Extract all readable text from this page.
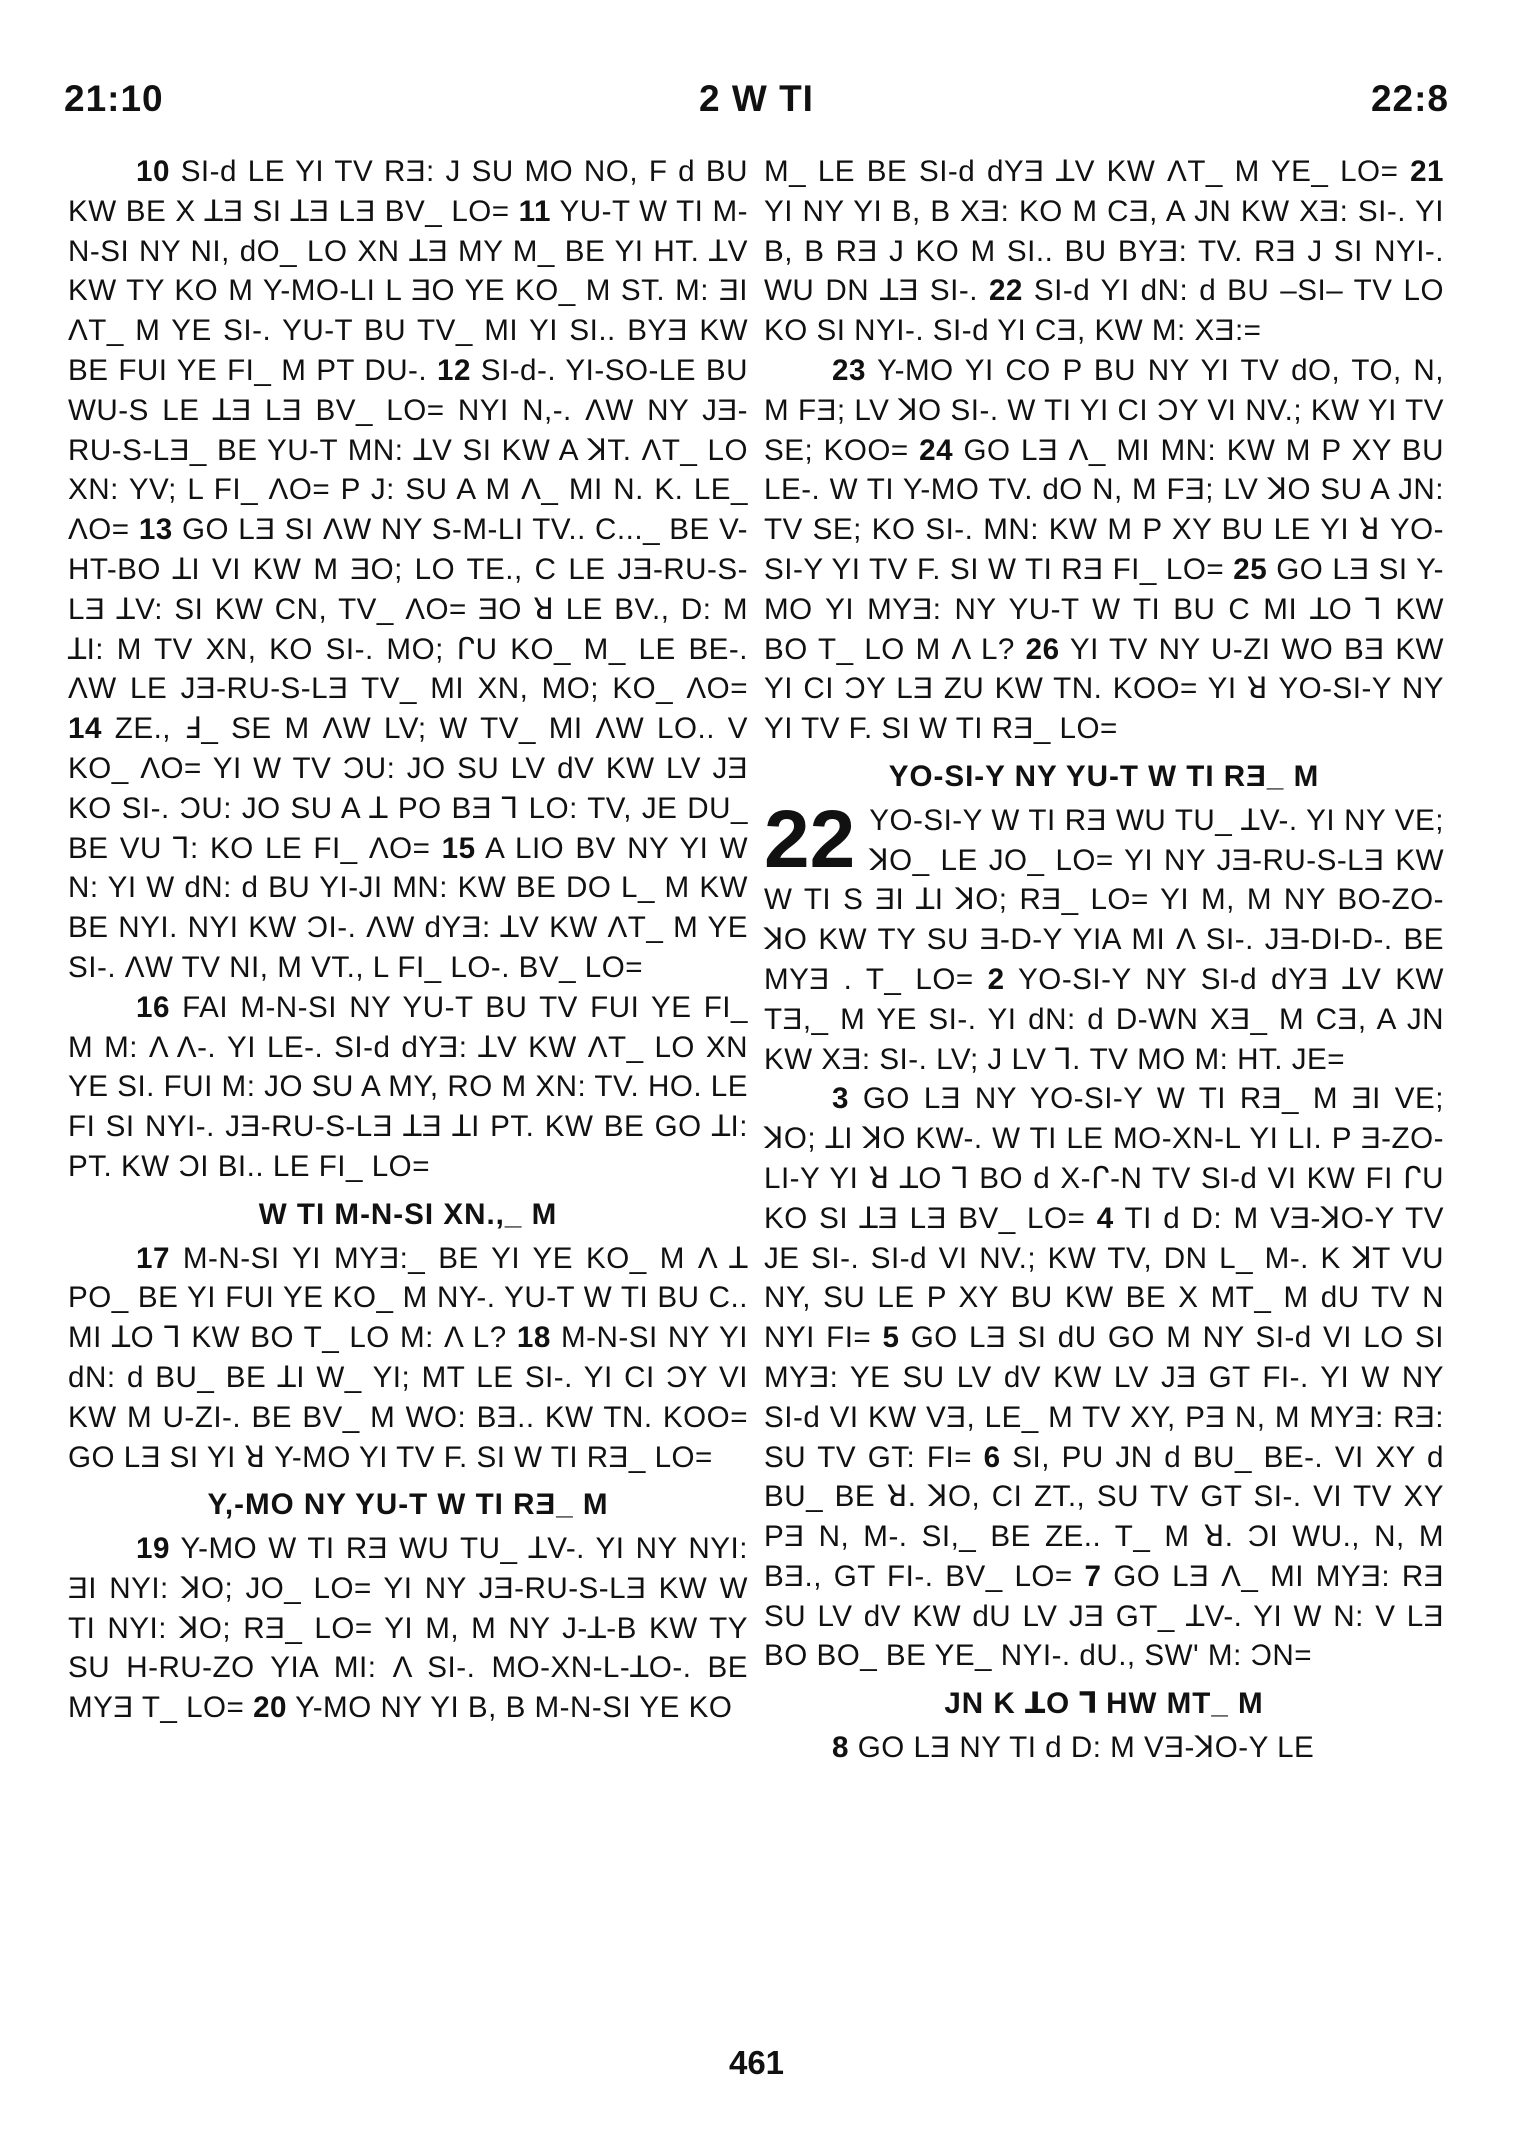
21:10	2 W TI	22:8

10 SI-d LE YI TV RƎ: J SU MO NO, F d BU KW BE X ꓕƎ SI ꓕƎ LƎ BV_ LO= 11 YU-T W TI M-N-SI NY NI, dO_ LO XN ꓕƎ MY M_ BE YI HT. ꓕV KW TY KO M Y-MO-LI L ƎO YE KO_ M ST. M: ƎI ΛT_ M YE SI-. YU-T BU TV_ MI YI SI.. BYƎ KW BE FUI YE FI_ M PT DU-. 12 SI-d-. YI-SO-LE BU WU-S LE ꓕƎ LƎ BV_ LO= NYI N,-. ΛW NY JƎ-RU-S-LƎ_ BE YU-T MN: ꓕV SI KW A ꓘT. ΛT_ LO XN: YV; L FI_ ΛO= P J: SU A M Λ_ MI N. K. LE_ ΛO= 13 GO LƎ SI ΛW NY S-M-LI TV.. C..._ BE V-HT-BO ꓕI VI KW M ƎO; LO TE., C LE JƎ-RU-S-LƎ ꓕV: SI KW CN, TV_ ΛO= ƎO ꓤ LE BV., D: M ꓕI: M TV XN, KO SI-. MO; ᒋU KO_ M_ LE BE-. ΛW LE JƎ-RU-S-LƎ TV_ MI XN, MO; KO_ ΛO= 14 ZE., Ⅎ_ SE M ΛW LV; W TV_ MI ΛW LO.. V KO_ ΛO= YI W TV ƆU: JO SU LV dV KW LV JƎ KO SI-. ƆU: JO SU A ꓕ PO BƎ ꓶ LO: TV, JE DU_ BE VU ꓶ: KO LE FI_ ΛO= 15 A LIO BV NY YI W N: YI W dN: d BU YI-JI MN: KW BE DO L_ M KW BE NYI. NYI KW ƆI-. ΛW dYƎ: ꓕV KW ΛT_ M YE SI-. ΛW TV NI, M VT., L FI_ LO-. BV_ LO=

16 FAI M-N-SI NY YU-T BU TV FUI YE FI_ M M: Λ Λ-. YI LE-. SI-d dYƎ: ꓕV KW ΛT_ LO XN YE SI. FUI M: JO SU A MY, RO M XN: TV. HO. LE FI SI NYI-. JƎ-RU-S-LƎ ꓕƎ ꓕI PT. KW BE GO ꓕI: PT. KW ƆI BI.. LE FI_ LO=

W TI M-N-SI XN.,_ M

17 M-N-SI YI MYƎ:_ BE YI YE KO_ M Λ ꓕ PO_ BE YI FUI YE KO_ M NY-. YU-T W TI BU C.. MI ꓕO ꓶ KW BO T_ LO M: Λ L? 18 M-N-SI NY YI dN: d BU_ BE ꓕI W_ YI; MT LE SI-. YI CI ƆY VI KW M U-ZI-. BE BV_ M WO: BƎ.. KW TN. KOO= GO LƎ SI YI ꓤ Y-MO YI TV F. SI W TI RƎ_ LO=

Y,-MO NY YU-T W TI RƎ_ M

19 Y-MO W TI RƎ WU TU_ ꓕV-. YI NY NYI: ƎI NYI: ꓘO; JO_ LO= YI NY JƎ-RU-S-LƎ KW W TI NYI: ꓘO; RƎ_ LO= YI M, M NY J-ꓕ-B KW TY SU H-RU-ZO YIA MI: Λ SI-. MO-XN-L-ꓕO-. BE MYƎ T_ LO= 20 Y-MO NY YI B, B M-N-SI YE KO

M_ LE BE SI-d dYƎ ꓕV KW ΛT_ M YE_ LO= 21 YI NY YI B, B XƎ: KO M CƎ, A JN KW XƎ: SI-. YI B, B RƎ J KO M SI.. BU BYƎ: TV. RƎ J SI NYI-. WU DN ꓕƎ SI-. 22 SI-d YI dN: d BU –SI– TV LO KO SI NYI-. SI-d YI CƎ, KW M: XƎ:=

23 Y-MO YI CO P BU NY YI TV dO, TO, N, M FƎ; LV ꓘO SI-. W TI YI CI ƆY VI NV.; KW YI TV SE; KOO= 24 GO LƎ Λ_ MI MN: KW M P XY BU LE-. W TI Y-MO TV. dO N, M FƎ; LV ꓘO SU A JN: TV SE; KO SI-. MN: KW M P XY BU LE YI ꓤ YO-SI-Y YI TV F. SI W TI RƎ FI_ LO= 25 GO LƎ SI Y-MO YI MYƎ: NY YU-T W TI BU C MI ꓕO ꓶ KW BO T_ LO M Λ L? 26 YI TV NY U-ZI WO BƎ KW YI CI ƆY LƎ ZU KW TN. KOO= YI ꓤ YO-SI-Y NY YI TV F. SI W TI RƎ_ LO=

YO-SI-Y NY YU-T W TI RƎ_ M

22 YO-SI-Y W TI RƎ WU TU_ ꓕV-. YI NY VE; ꓘO_ LE JO_ LO= YI NY JƎ-RU-S-LƎ KW W TI S ƎI ꓕI ꓘO; RƎ_ LO= YI M, M NY BO-ZO-ꓘO KW TY SU Ǝ-D-Y YIA MI Λ SI-. JƎ-DI-D-. BE MYƎ . T_ LO= 2 YO-SI-Y NY SI-d dYƎ ꓕV KW TƎ,_ M YE SI-. YI dN: d D-WN XƎ_ M CƎ, A JN KW XƎ: SI-. LV; J LV ꓶ. TV MO M: HT. JE=

3 GO LƎ NY YO-SI-Y W TI RƎ_ M ƎI VE; ꓘO; ꓕI ꓘO KW-. W TI LE MO-XN-L YI LI. P Ǝ-ZO-LI-Y YI ꓤ ꓕO ꓶ BO d X-ᒋ-N TV SI-d VI KW FI ᒋU KO SI ꓕƎ LƎ BV_ LO= 4 TI d D: M VƎ-ꓘO-Y TV JE SI-. SI-d VI NV.; KW TV, DN L_ M-. K ꓘT VU NY, SU LE P XY BU KW BE X MT_ M dU TV N NYI FI= 5 GO LƎ SI dU GO M NY SI-d VI LO SI MYƎ: YE SU LV dV KW LV JƎ GT FI-. YI W NY SI-d VI KW VƎ, LE_ M TV XY, PƎ N, M MYƎ: RƎ: SU TV GT: FI= 6 SI, PU JN d BU_ BE-. VI XY d BU_ BE ꓤ. ꓘO, CI ZT., SU TV GT SI-. VI TV XY PƎ N, M-. SI,_ BE ZE.. T_ M ꓤ. ƆI WU., N, M BƎ., GT FI-. BV_ LO= 7 GO LƎ Λ_ MI MYƎ: RƎ SU LV dV KW dU LV JƎ GT_ ꓕV-. YI W N: V LƎ BO BO_ BE YE_ NYI-. dU., SW' M: ƆN=

JN K ꓕO ꓶ HW MT_ M

8 GO LƎ NY TI d D: M VƎ-ꓘO-Y LE

461
